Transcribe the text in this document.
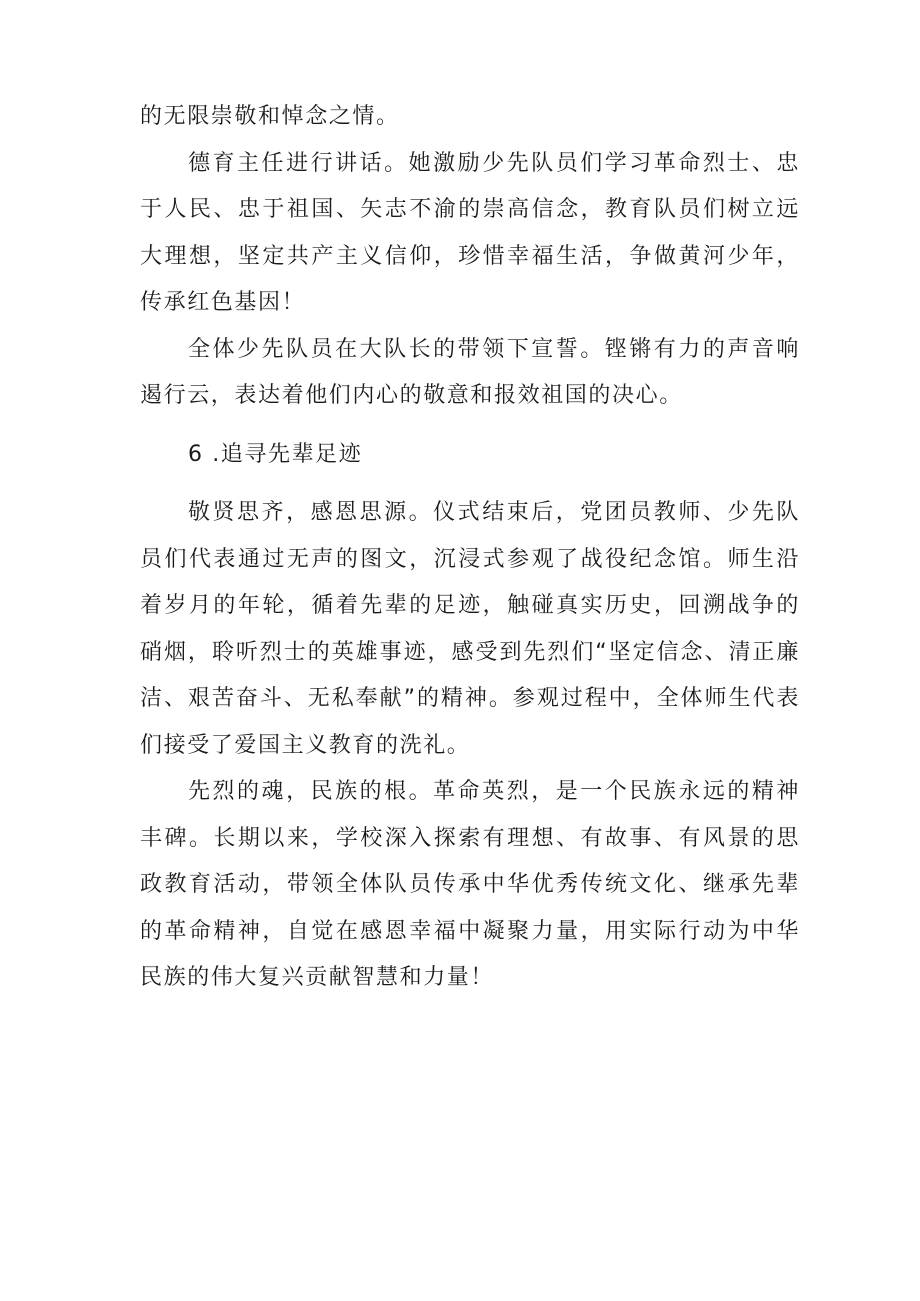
的无限崇敬和悼念之情。

德育主任进行讲话。她激励少先队员们学习革命烈士、忠于人民、忠于祖国、矢志不渝的崇高信念，教育队员们树立远大理想，坚定共产主义信仰，珍惜幸福生活，争做黄河少年，传承红色基因！

全体少先队员在大队长的带领下宣誓。铿锵有力的声音响遏行云，表达着他们内心的敬意和报效祖国的决心。

6 .追寻先辈足迹

敬贤思齐，感恩思源。仪式结束后，党团员教师、少先队员们代表通过无声的图文，沉浸式参观了战役纪念馆。师生沿着岁月的年轮，循着先辈的足迹，触碰真实历史，回溯战争的硝烟，聆听烈士的英雄事迹，感受到先烈们“坚定信念、清正廉洁、艰苦奋斗、无私奉献”的精神。参观过程中，全体师生代表们接受了爱国主义教育的洗礼。

先烈的魂，民族的根。革命英烈，是一个民族永远的精神丰碑。长期以来，学校深入探索有理想、有故事、有风景的思政教育活动，带领全体队员传承中华优秀传统文化、继承先辈的革命精神，自觉在感恩幸福中凝聚力量，用实际行动为中华民族的伟大复兴贡献智慧和力量！
